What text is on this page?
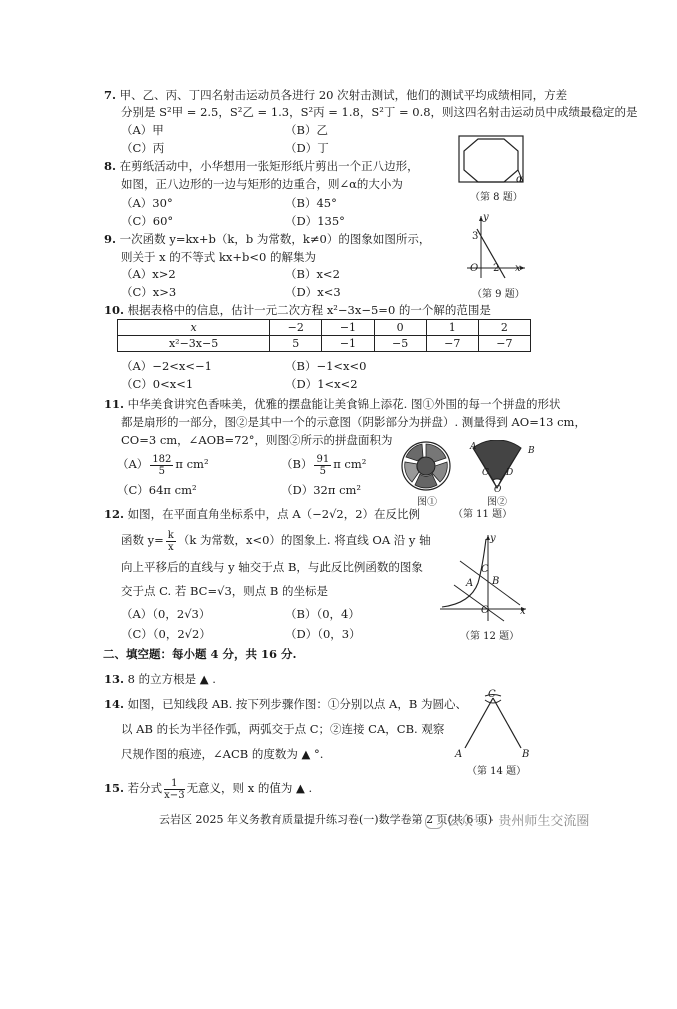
7. 甲、乙、丙、丁四名射击运动员各进行 20 次射击测试，他们的测试平均成绩相同，方差
分别是 S²甲 = 2.5，S²乙 = 1.3，S²丙 = 1.8，S²丁 = 0.8，则这四名射击运动员中成绩最稳定的是
（A）甲	（B）乙
（C）丙	（D）丁
8. 在剪纸活动中，小华想用一张矩形纸片剪出一个正八边形，
如图，正八边形的一边与矩形的边重合，则∠α的大小为
（A）30°	（B）45°
（C）60°	（D）135°
α
（第 8 题）
9. 一次函数 y=kx+b（k，b 为常数，k≠0）的图象如图所示，
则关于 x 的不等式 kx+b<0 的解集为
（A）x>2	（B）x<2
（C）x>3	（D）x<3
y
x
O
3
2
（第 9 题）
10. 根据表格中的信息，估计一元二次方程 x²−3x−5=0 的一个解的范围是
x	−2	−1	0	1	2
x²−3x−5	5	−1	−5	−7	−7
（A）−2<x<−1	（B）−1<x<0
（C）0<x<1	（D）1<x<2
11. 中华美食讲究色香味美，优雅的摆盘能让美食锦上添花. 图①外围的每一个拼盘的形状
都是扇形的一部分，图②是其中一个的示意图（阴影部分为拼盘）. 测量得到 AO=13 cm，
CO=3 cm，∠AOB=72°，则图②所示的拼盘面积为
$(A) \frac{182}{5}$ π cm²	$(B) \frac{91}{5}$ π cm²
（C）64π cm²	（D）32π cm²
图①
A	B
C D
O
图②
（第 11 题）
12. 如图，在平面直角坐标系中，点 A（−2√2，2）在反比例
函数 $y= \frac{k}{x} (k$ 为常数，x<0）的图象上. 将直线 OA 沿 y 轴
向上平移后的直线与 y 轴交于点 B，与此反比例函数的图象
交于点 C. 若 BC=√3，则点 B 的坐标是
（A）（0，2√3）	（B）（0，4）
（C）（0，2√2）	（D）（0，3）
y
x
O
C
A B
（第 12 题）
二、填空题：每小题 4 分，共 16 分.
13. 8 的立方根是 ▲ .
14. 如图，已知线段 AB. 按下列步骤作图：①分别以点 A，B 为圆心、
以 AB 的长为半径作弧，两弧交于点 C；②连接 CA，CB. 观察
尺规作图的痕迹，∠ACB 的度数为 ▲ °.
C
A	B
（第 14 题）
15. 若分式 $\frac{1}{x-3}$ 无意义，则 x 的值为 ▲ .
云岩区 2025 年义务教育质量提升练习卷(一)数学卷第 2 页(共 6 页)
公众号 · 贵州师生交流圈
